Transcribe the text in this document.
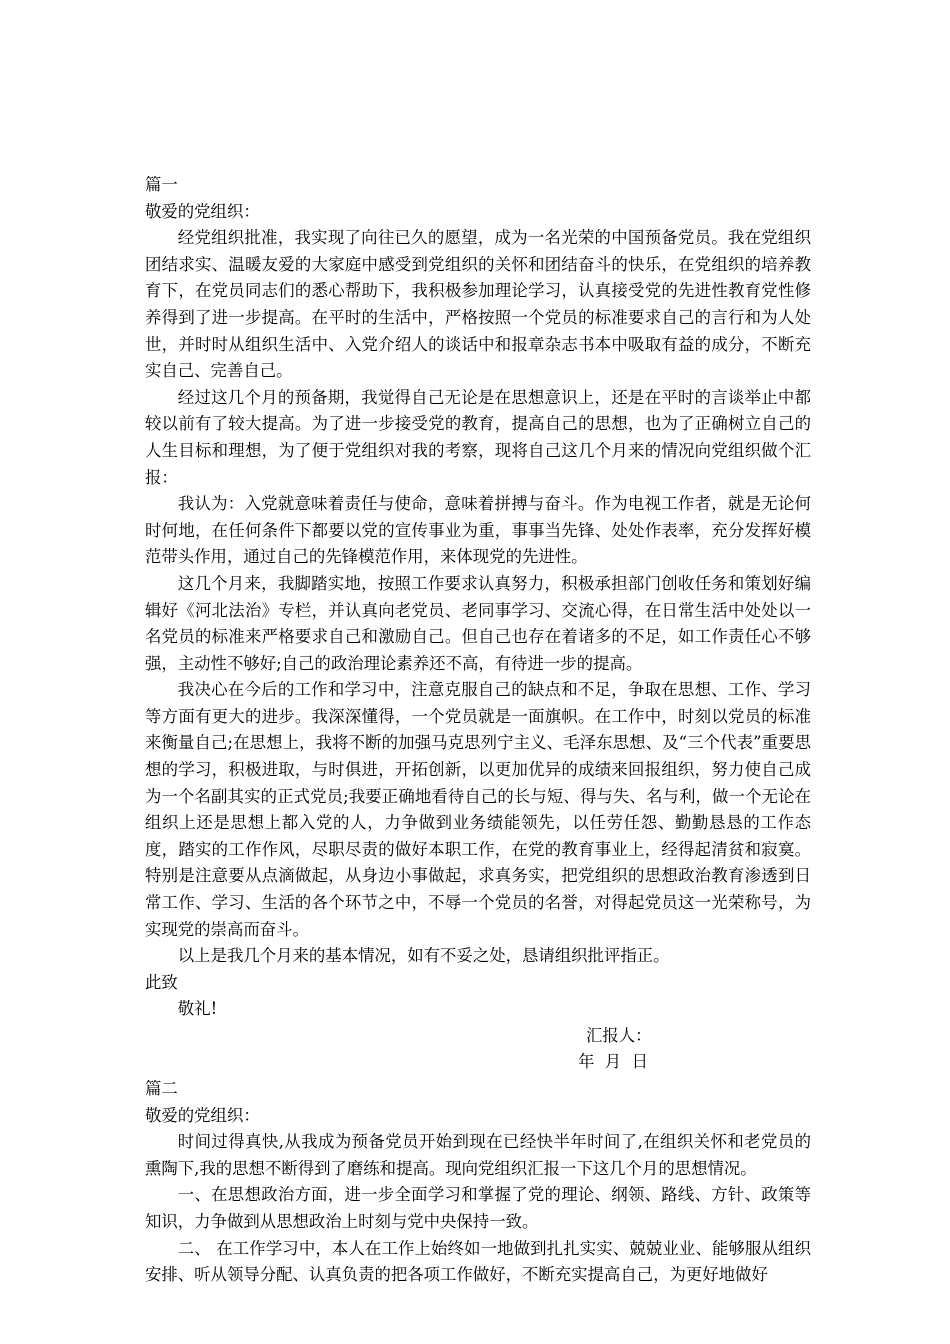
篇一

敬爱的党组织：

经党组织批准，我实现了向往已久的愿望，成为一名光荣的中国预备党员。我在党组织团结求实、温暖友爱的大家庭中感受到党组织的关怀和团结奋斗的快乐，在党组织的培养教育下，在党员同志们的悉心帮助下，我积极参加理论学习，认真接受党的先进性教育党性修养得到了进一步提高。在平时的生活中，严格按照一个党员的标准要求自己的言行和为人处世，并时时从组织生活中、入党介绍人的谈话中和报章杂志书本中吸取有益的成分，不断充实自己、完善自己。

经过这几个月的预备期，我觉得自己无论是在思想意识上，还是在平时的言谈举止中都较以前有了较大提高。为了进一步接受党的教育，提高自己的思想，也为了正确树立自己的人生目标和理想，为了便于党组织对我的考察，现将自己这几个月来的情况向党组织做个汇报：

我认为：入党就意味着责任与使命，意味着拼搏与奋斗。作为电视工作者，就是无论何时何地，在任何条件下都要以党的宣传事业为重，事事当先锋、处处作表率，充分发挥好模范带头作用，通过自己的先锋模范作用，来体现党的先进性。

这几个月来，我脚踏实地，按照工作要求认真努力，积极承担部门创收任务和策划好编辑好《河北法治》专栏，并认真向老党员、老同事学习、交流心得，在日常生活中处处以一名党员的标准来严格要求自己和激励自己。但自己也存在着诸多的不足，如工作责任心不够强，主动性不够好;自己的政治理论素养还不高，有待进一步的提高。

我决心在今后的工作和学习中，注意克服自己的缺点和不足，争取在思想、工作、学习等方面有更大的进步。我深深懂得，一个党员就是一面旗帜。在工作中，时刻以党员的标准来衡量自己;在思想上，我将不断的加强马克思列宁主义、毛泽东思想、及“三个代表”重要思想的学习，积极进取，与时俱进，开拓创新，以更加优异的成绩来回报组织，努力使自己成为一个名副其实的正式党员;我要正确地看待自己的长与短、得与失、名与利，做一个无论在组织上还是思想上都入党的人，力争做到业务绩能领先，以任劳任怨、勤勤恳恳的工作态度，踏实的工作作风，尽职尽责的做好本职工作，在党的教育事业上，经得起清贫和寂寞。特别是注意要从点滴做起，从身边小事做起，求真务实，把党组织的思想政治教育渗透到日常工作、学习、生活的各个环节之中，不辱一个党员的名誉，对得起党员这一光荣称号，为实现党的崇高而奋斗。

以上是我几个月来的基本情况，如有不妥之处，恳请组织批评指正。

此致

敬礼!

汇报人：

年  月  日

篇二

敬爱的党组织：

时间过得真快,从我成为预备党员开始到现在已经快半年时间了,在组织关怀和老党员的熏陶下,我的思想不断得到了磨练和提高。现向党组织汇报一下这几个月的思想情况。

一、在思想政治方面，进一步全面学习和掌握了党的理论、纲领、路线、方针、政策等知识，力争做到从思想政治上时刻与党中央保持一致。

二、 在工作学习中，本人在工作上始终如一地做到扎扎实实、兢兢业业、能够服从组织安排、听从领导分配、认真负责的把各项工作做好，不断充实提高自己，为更好地做好
